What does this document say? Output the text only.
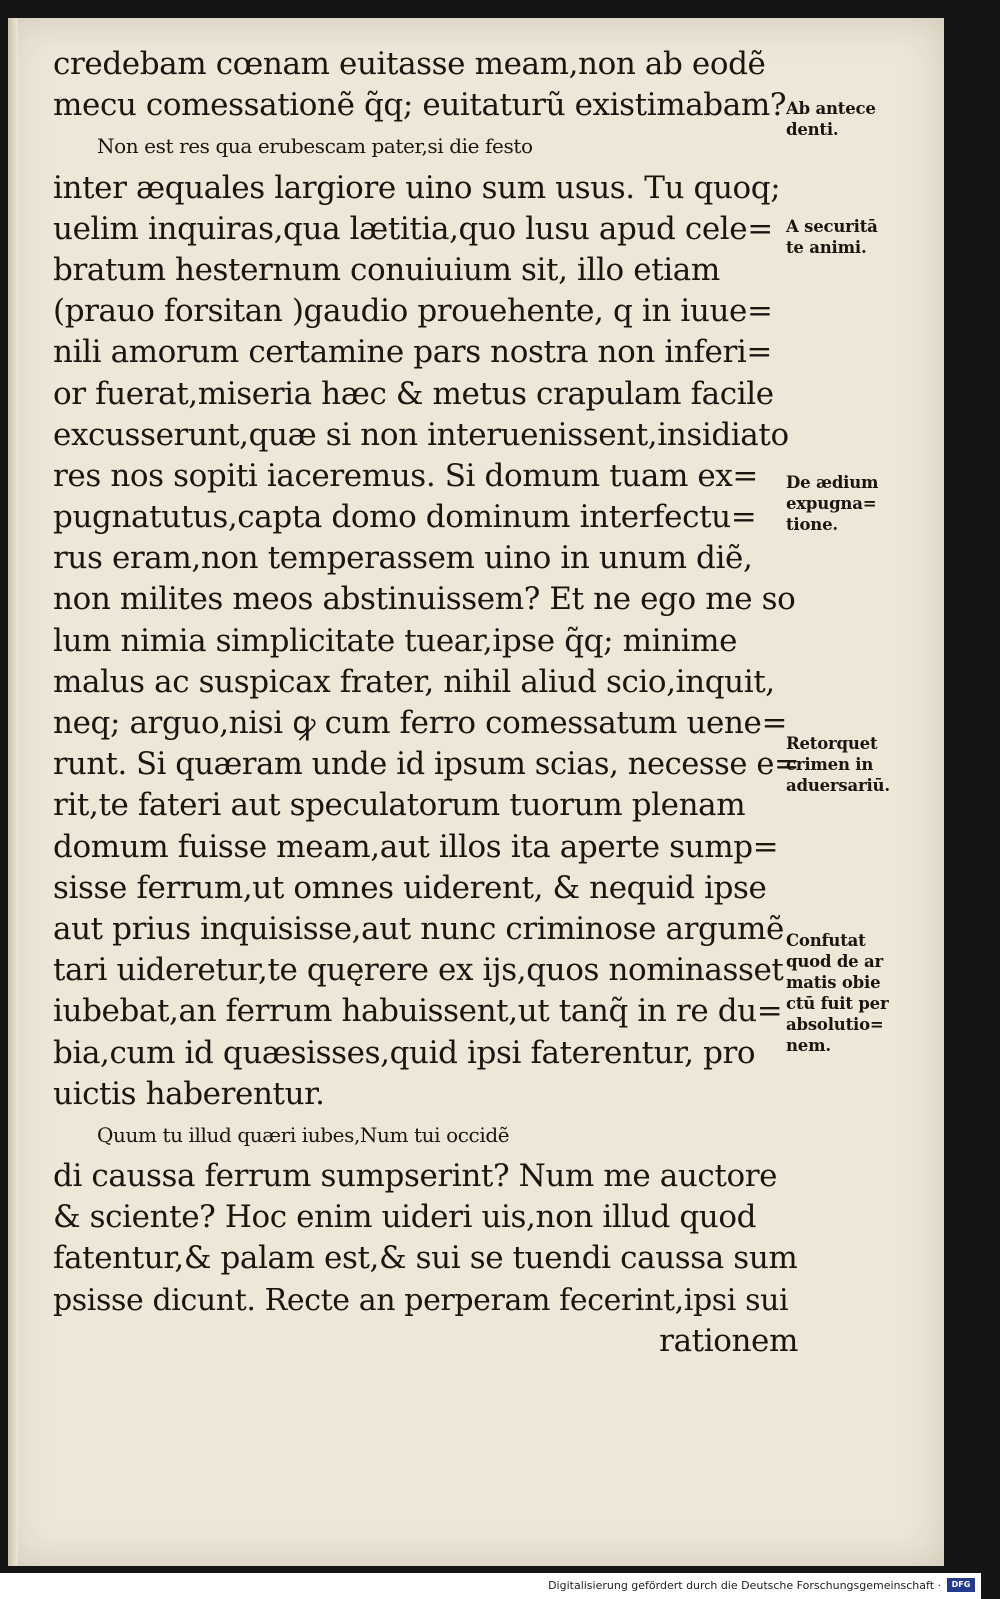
credebam cœnam euitasse meam,non ab eodẽ
mecu comessationẽ q̃q; euitaturũ existimabam?
Non est res qua erubescam pater,si die festo
inter æquales largiore uino sum usus. Tu quoq;
uelim inquiras,qua lætitia,quo lusu apud cele=
bratum hesternum conuiuium sit, illo etiam
(prauo forsitan )gaudio prouehente, q in iuue=
nili amorum certamine pars nostra non inferi=
or fuerat,miseria hæc & metus crapulam facile
excusserunt,quæ si non interuenissent,insidiato
res nos sopiti iaceremus. Si domum tuam ex=
pugnatutus,capta domo dominum interfectu=
rus eram,non temperassem uino in unum diẽ,
non milites meos abstinuissem? Et ne ego me so
lum nimia simplicitate tuear,ipse q̃q; minime
malus ac suspicax frater, nihil aliud scio,inquit,
neq; arguo,nisi ꝙ cum ferro comessatum uene=
runt. Si quæram unde id ipsum scias, necesse e=
rit,te fateri aut speculatorum tuorum plenam
domum fuisse meam,aut illos ita aperte sump=
sisse ferrum,ut omnes uiderent, & nequid ipse
aut prius inquisisse,aut nunc criminose argumẽ
tari uideretur,te quęrere ex ijs,quos nominasset
iubebat,an ferrum habuissent,ut tanq̃ in re du=
bia,cum id quæsisses,quid ipsi faterentur, pro
uictis haberentur.
Quum tu illud quæri iubes,Num tui occidẽ
di caussa ferrum sumpserint? Num me auctore
& sciente? Hoc enim uideri uis,non illud quod
fatentur,& palam est,& sui se tuendi caussa sum
psisse dicunt. Recte an perperam fecerint,ipsi sui
rationem
Ab antece
denti.
A securitā
te animi.
De ædium
expugna=
tione.
Retorquet
crimen in
aduersariū.
Confutat
quod de ar
matis obie
ctū fuit per
absolutio=
nem.
Digitalisierung gefördert durch die Deutsche Forschungsgemeinschaft ·	DFG
